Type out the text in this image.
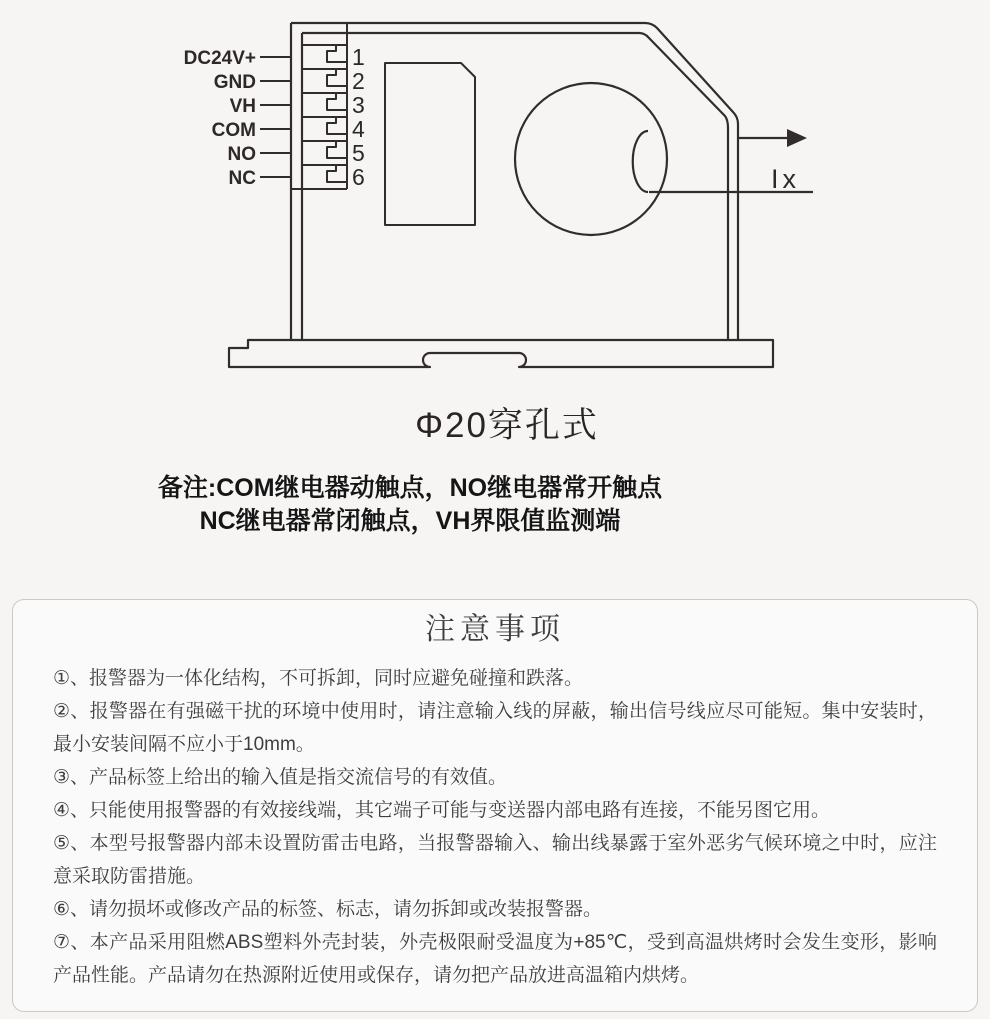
DC24V+
GND
VH
COM
NO
NC
1
2
3
4
5
6	Ix
Φ20穿孔式
备注:COM继电器动触点，NO继电器常开触点
NC继电器常闭触点，VH界限值监测端
注意事项

①、报警器为一体化结构，不可拆卸，同时应避免碰撞和跌落。

②、报警器在有强磁干扰的环境中使用时，请注意输入线的屏蔽，输出信号线应尽可能短。集中安装时，最小安装间隔不应小于10mm。

③、产品标签上给出的输入值是指交流信号的有效值。

④、只能使用报警器的有效接线端，其它端子可能与变送器内部电路有连接，不能另图它用。

⑤、本型号报警器内部未设置防雷击电路，当报警器输入、输出线暴露于室外恶劣气候环境之中时，应注意采取防雷措施。

⑥、请勿损坏或修改产品的标签、标志，请勿拆卸或改装报警器。

⑦、本产品采用阻燃ABS塑料外壳封装，外壳极限耐受温度为+85℃，受到高温烘烤时会发生变形，影响产品性能。产品请勿在热源附近使用或保存，请勿把产品放进高温箱内烘烤。
